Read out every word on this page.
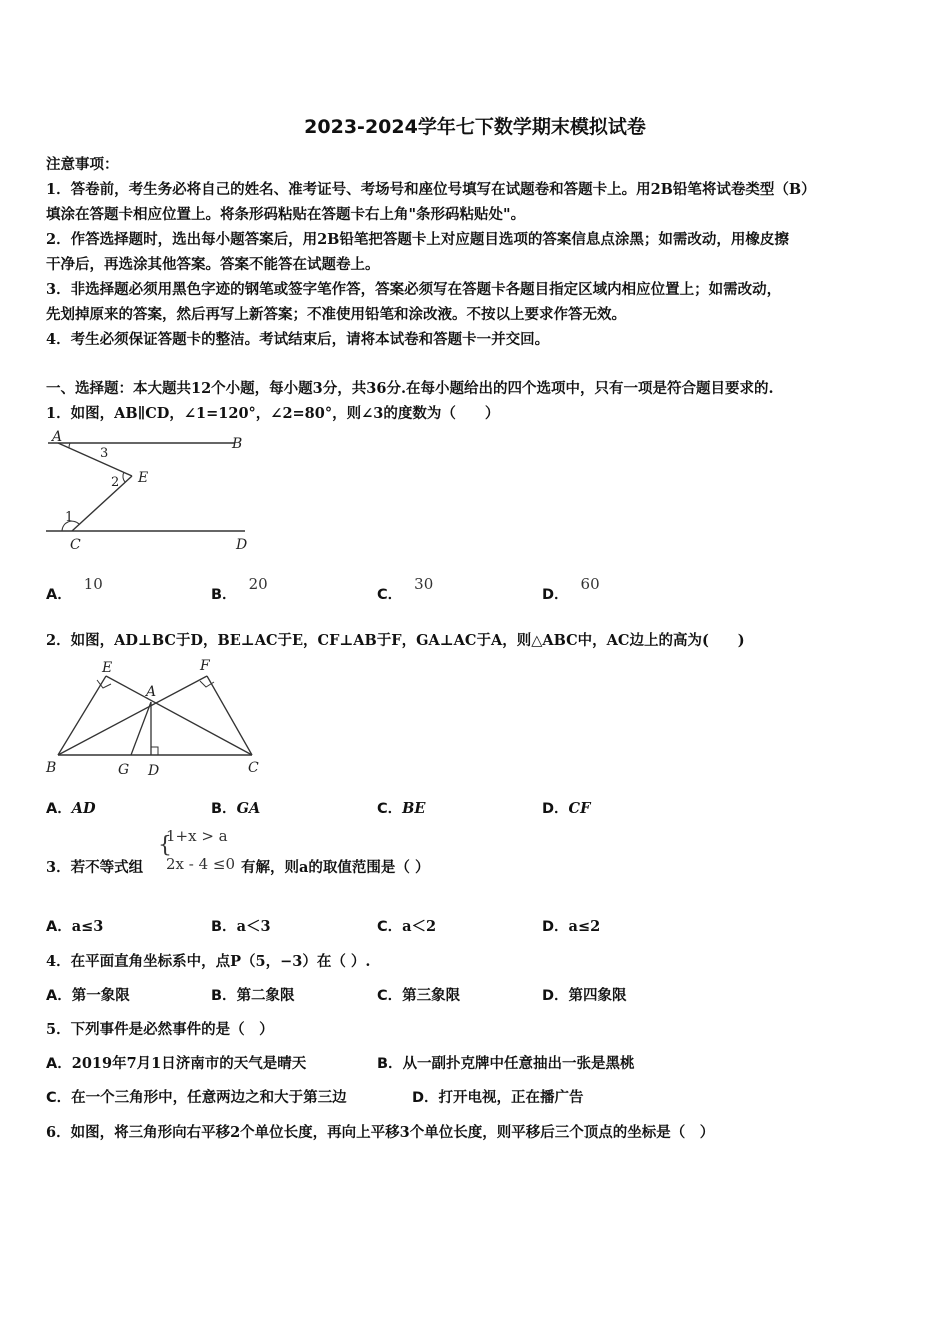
2023-2024学年七下数学期末模拟试卷
注意事项：
1．答卷前，考生务必将自己的姓名、准考证号、考场号和座位号填写在试题卷和答题卡上。用2B铅笔将试卷类型（B）
填涂在答题卡相应位置上。将条形码粘贴在答题卡右上角"条形码粘贴处"。
2．作答选择题时，选出每小题答案后，用2B铅笔把答题卡上对应题目选项的答案信息点涂黑；如需改动，用橡皮擦
干净后，再选涂其他答案。答案不能答在试题卷上。
3．非选择题必须用黑色字迹的钢笔或签字笔作答，答案必须写在答题卡各题目指定区域内相应位置上；如需改动，
先划掉原来的答案，然后再写上新答案；不准使用铅笔和涂改液。不按以上要求作答无效。
4．考生必须保证答题卡的整洁。考试结束后，请将本试卷和答题卡一并交回。
一、选择题：本大题共12个小题，每小题3分，共36分.在每小题给出的四个选项中，只有一项是符合题目要求的.
1．如图，AB∥CD，∠1=120°，∠2=80°，则∠3的度数为（　　）
A	B
C	D
E
1
2
3
A．10
B．20
C．30
D．60
2．如图，AD⊥BC于D，BE⊥AC于E，CF⊥AB于F，GA⊥AC于A，则△ABC中，AC边上的高为(　　)
E	F
A
B	G D	C
A．AD	B．GA	C．BE	D．CF
3．若不等式组
{
1+x > a
2x - 4 ≤0 有解，则a的取值范围是（ ）
A．a≤3	B．a＜3	C．a＜2	D．a≤2
4．在平面直角坐标系中，点P（5，−3）在（ ）.
A．第一象限	B．第二象限	C．第三象限	D．第四象限
5．下列事件是必然事件的是（　）
A．2019年7月1日济南市的天气是晴天	B．从一副扑克牌中任意抽出一张是黑桃
C．在一个三角形中，任意两边之和大于第三边	D．打开电视，正在播广告
6．如图，将三角形向右平移2个单位长度，再向上平移3个单位长度，则平移后三个顶点的坐标是（　）
